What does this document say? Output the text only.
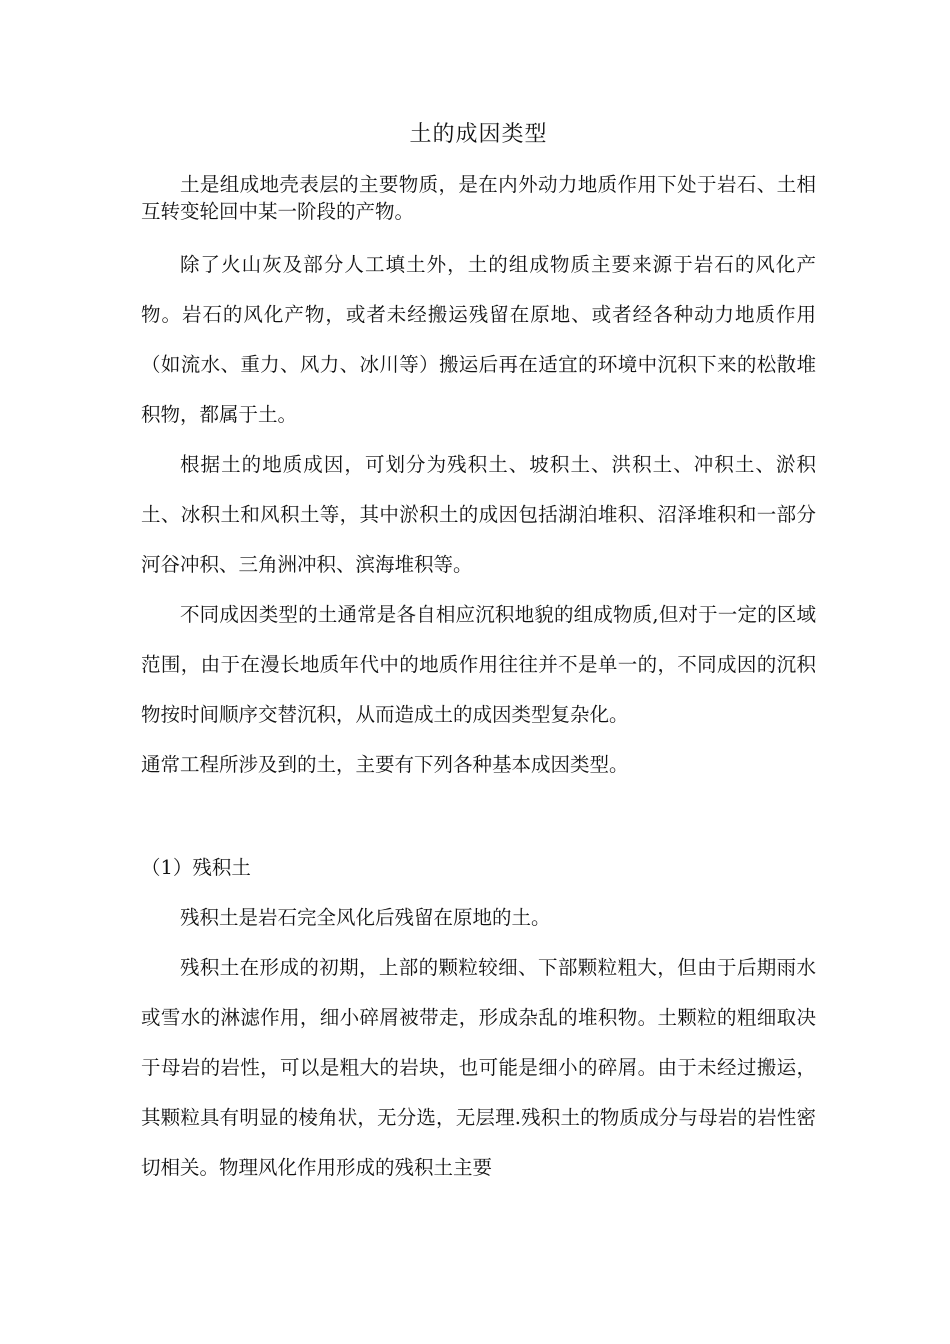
土的成因类型

土是组成地壳表层的主要物质，是在内外动力地质作用下处于岩石、土相互转变轮回中某一阶段的产物。

除了火山灰及部分人工填土外，土的组成物质主要来源于岩石的风化产物。岩石的风化产物，或者未经搬运残留在原地、或者经各种动力地质作用（如流水、重力、风力、冰川等）搬运后再在适宜的环境中沉积下来的松散堆积物，都属于土。

根据土的地质成因，可划分为残积土、坡积土、洪积土、冲积土、淤积土、冰积土和风积土等，其中淤积土的成因包括湖泊堆积、沼泽堆积和一部分河谷冲积、三角洲冲积、滨海堆积等。

不同成因类型的土通常是各自相应沉积地貌的组成物质,但对于一定的区域范围，由于在漫长地质年代中的地质作用往往并不是单一的，不同成因的沉积物按时间顺序交替沉积，从而造成土的成因类型复杂化。

通常工程所涉及到的土，主要有下列各种基本成因类型。

（1）残积土

残积土是岩石完全风化后残留在原地的土。

残积土在形成的初期，上部的颗粒较细、下部颗粒粗大，但由于后期雨水或雪水的淋滤作用，细小碎屑被带走，形成杂乱的堆积物。土颗粒的粗细取决于母岩的岩性，可以是粗大的岩块，也可能是细小的碎屑。由于未经过搬运，其颗粒具有明显的棱角状，无分选，无层理.残积土的物质成分与母岩的岩性密切相关。物理风化作用形成的残积土主要
